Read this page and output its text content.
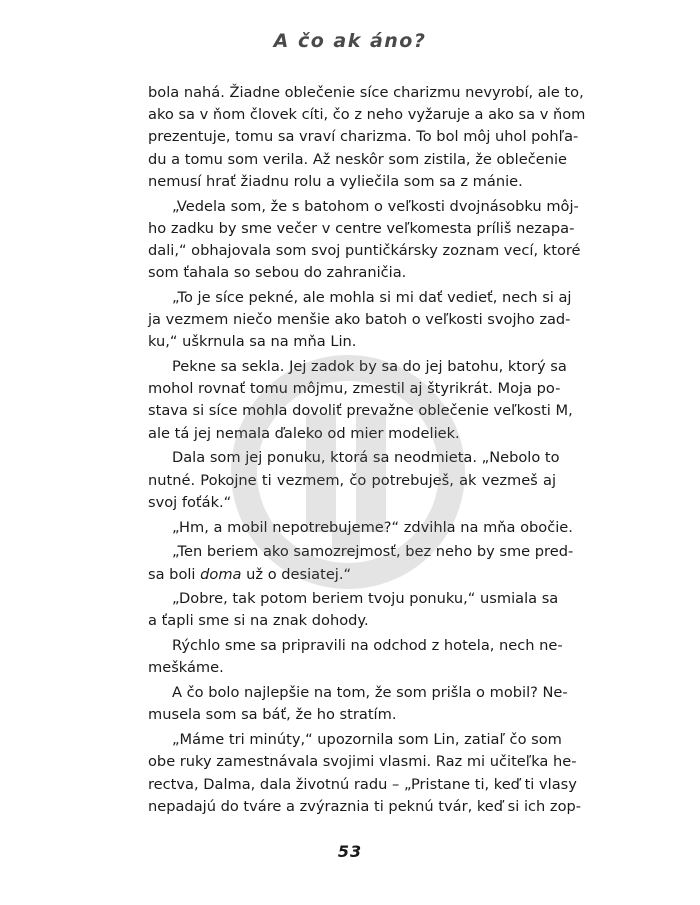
A čo ak áno?
bola nahá. Žiadne oblečenie síce charizmu nevyrobí, ale to,
ako sa v ňom človek cíti, čo z neho vyžaruje a ako sa v ňom
prezentuje, tomu sa vraví charizma. To bol môj uhol pohľa-
du a tomu som verila. Až neskôr som zistila, že oblečenie
nemusí hrať žiadnu rolu a vyliečila som sa z mánie.
„Vedela som, že s batohom o veľkosti dvojnásobku môj-
ho zadku by sme večer v centre veľkomesta príliš nezapa-
dali,“ obhajovala som svoj puntičkársky zoznam vecí, ktoré
som ťahala so sebou do zahraničia.
„To je síce pekné, ale mohla si mi dať vedieť, nech si aj
ja vezmem niečo menšie ako batoh o veľkosti svojho zad-
ku,“ uškrnula sa na mňa Lin.
Pekne sa sekla. Jej zadok by sa do jej batohu, ktorý sa
mohol rovnať tomu môjmu, zmestil aj štyrikrát. Moja po-
stava si síce mohla dovoliť prevažne oblečenie veľkosti M,
ale tá jej nemala ďaleko od mier modeliek.
Dala som jej ponuku, ktorá sa neodmieta. „Nebolo to
nutné. Pokojne ti vezmem, čo potrebuješ, ak vezmeš aj
svoj foťák.“
„Hm, a mobil nepotrebujeme?“ zdvihla na mňa obočie.
„Ten beriem ako samozrejmosť, bez neho by sme pred-
sa boli doma už o desiatej.“
„Dobre, tak potom beriem tvoju ponuku,“ usmiala sa
a ťapli sme si na znak dohody.
Rýchlo sme sa pripravili na odchod z hotela, nech ne-
meškáme.
A čo bolo najlepšie na tom, že som prišla o mobil? Ne-
musela som sa báť, že ho stratím.
„Máme tri minúty,“ upozornila som Lin, zatiaľ čo som
obe ruky zamestnávala svojimi vlasmi. Raz mi učiteľka he-
rectva, Dalma, dala životnú radu – „Pristane ti, keď ti vlasy
nepadajú do tváre a zvýraznia ti peknú tvár, keď si ich zop-
53
